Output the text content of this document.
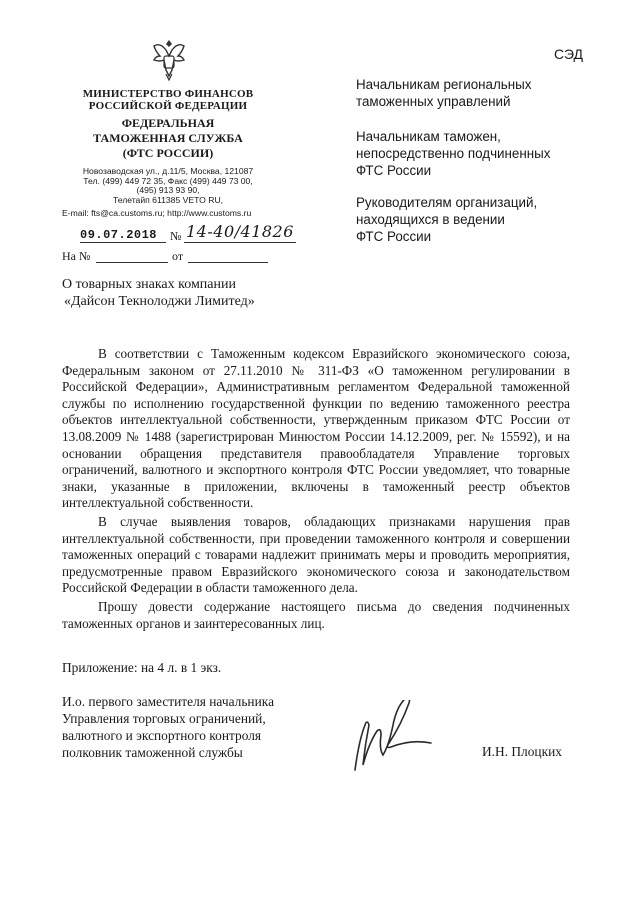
МИНИСТЕРСТВО ФИНАНСОВ
РОССИЙСКОЙ ФЕДЕРАЦИИ
ФЕДЕРАЛЬНАЯ
ТАМОЖЕННАЯ СЛУЖБА
(ФТС РОССИИ)
Новозаводская ул., д.11/5, Москва, 121087
Тел. (499) 449 72 35, Факс (499) 449 73 00,
(495) 913 93 90,
Телетайп 611385 VETO RU,
E-mail: fts@ca.customs.ru; http://www.customs.ru
09.07.2018 № 14-40/41826
На №	от
СЭД
Начальникам региональных
таможенных управлений
Начальникам таможен,
непосредственно подчиненных
ФТС России
Руководителям организаций,
находящихся в ведении
ФТС России
О товарных знаках компании
«Дайсон Текнолоджи Лимитед»

В соответствии с Таможенным кодексом Евразийского экономического союза, Федеральным законом от 27.11.2010 № 311-ФЗ «О таможенном регулировании в Российской Федерации», Административным регламентом Федеральной таможенной службы по исполнению государственной функции по ведению таможенного реестра объектов интеллектуальной собственности, утвержденным приказом ФТС России от 13.08.2009 № 1488 (зарегистрирован Минюстом России 14.12.2009, рег. № 15592), и на основании обращения представителя правообладателя Управление торговых ограничений, валютного и экспортного контроля ФТС России уведомляет, что товарные знаки, указанные в приложении, включены в таможенный реестр объектов интеллектуальной собственности.

В случае выявления товаров, обладающих признаками нарушения прав интеллектуальной собственности, при проведении таможенного контроля и совершении таможенных операций с товарами надлежит принимать меры и проводить мероприятия, предусмотренные правом Евразийского экономического союза и законодательством Российской Федерации в области таможенного дела.

Прошу довести содержание настоящего письма до сведения подчиненных таможенных органов и заинтересованных лиц.

Приложение: на 4 л. в 1 экз.
И.о. первого заместителя начальника
Управления торговых ограничений,
валютного и экспортного контроля
полковник таможенной службы	И.Н. Плоцких
